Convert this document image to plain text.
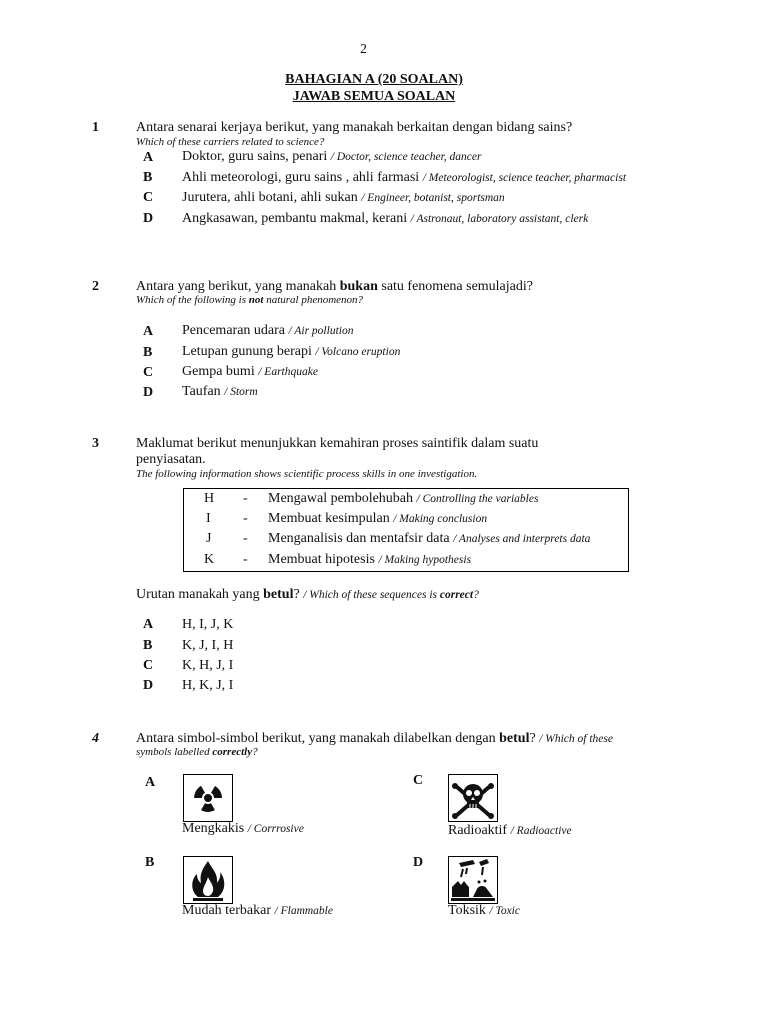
2
BAHAGIAN A (20 SOALAN)
JAWAB SEMUA SOALAN
1	Antara senarai kerjaya berikut, yang manakah berkaitan dengan bidang sains?
Which of these carriers related to science?
A Doktor, guru sains, penari / Doctor, science teacher, dancer
B Ahli meteorologi, guru sains , ahli farmasi / Meteorologist, science teacher, pharmacist
C Jurutera, ahli botani, ahli sukan / Engineer, botanist, sportsman
D Angkasawan, pembantu makmal, kerani / Astronaut, laboratory assistant, clerk
2	Antara yang berikut, yang manakah bukan satu fenomena semulajadi?
Which of the following is not natural phenomenon?
A Pencemaran udara / Air pollution
B Letupan gunung berapi / Volcano eruption
C Gempa bumi / Earthquake
D Taufan / Storm
3	Maklumat berikut menunjukkan kemahiran proses saintifik dalam suatu
penyiasatan.
The following information shows scientific process skills in one investigation.
H - Mengawal pembolehubah / Controlling the variables
I - Membuat kesimpulan / Making conclusion
J - Menganalisis dan mentafsir data / Analyses and interprets data
K - Membuat hipotesis / Making hypothesis
Urutan manakah yang betul? / Which of these sequences is correct?
A H, I, J, K
B K, J, I, H
C K, H, J, I
D H, K, J, I
4	Antara simbol-simbol berikut, yang manakah dilabelkan dengan betul? / Which of these
symbols labelled correctly?
A
Mengkakis / Corrrosive
C
Radioaktif / Radioactive
B
Mudah terbakar / Flammable
D
Toksik / Toxic
